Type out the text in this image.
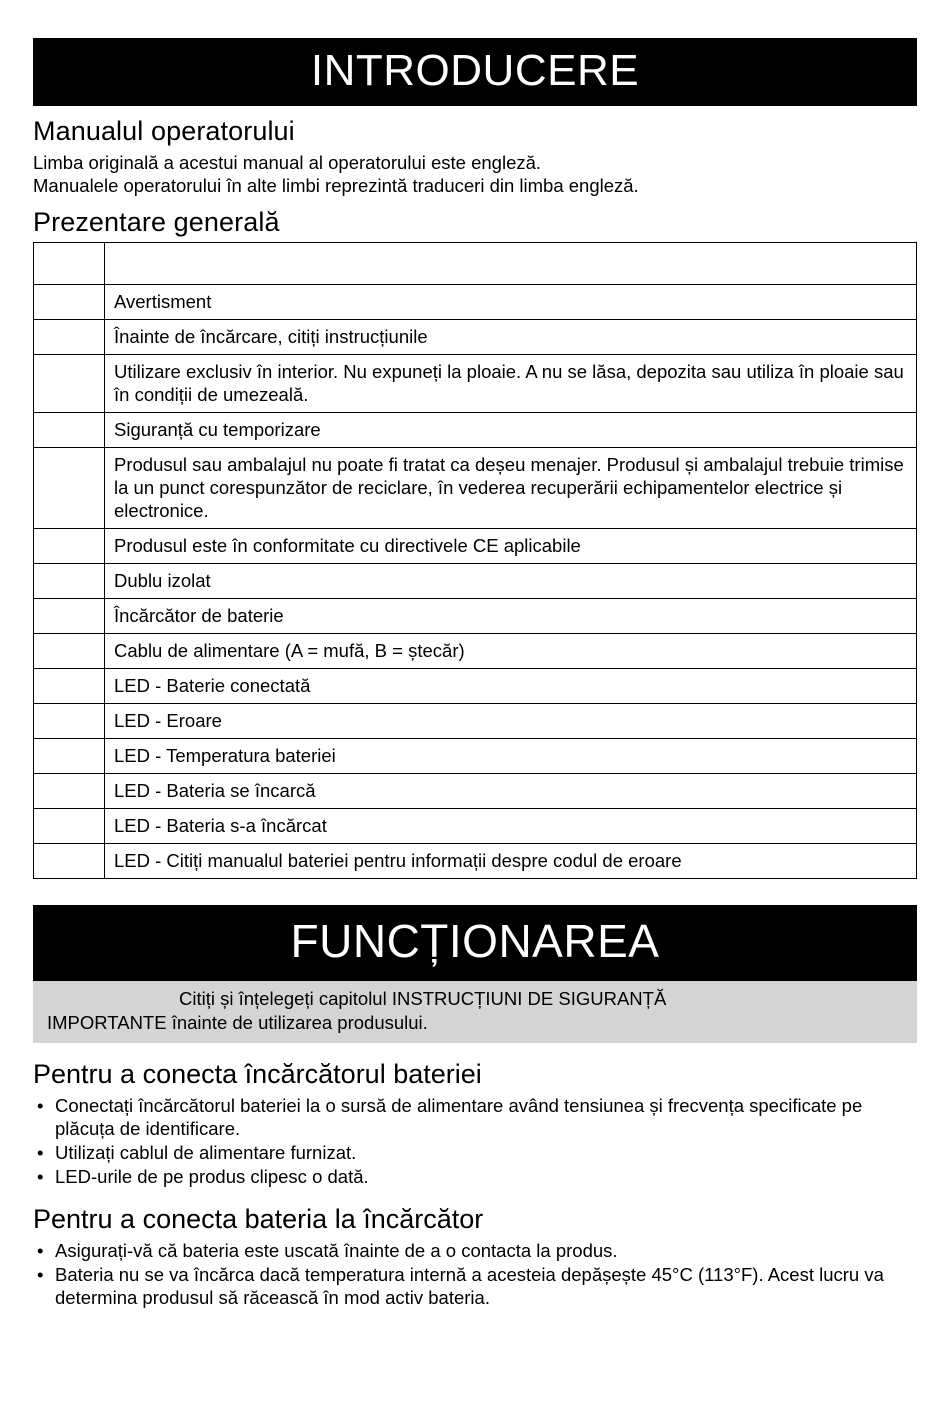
INTRODUCERE
Manualul operatorului

Limba originală a acestui manual al operatorului este engleză.

Manualele operatorului în alte limbi reprezintă traduceri din limba engleză.

Prezentare generală

	Avertisment

	Înainte de încărcare, citiți instrucțiunile

	Utilizare exclusiv în interior. Nu expuneți la ploaie. A nu se lăsa, depozita sau utiliza în ploaie sau în condiții de umezeală.

	Siguranță cu temporizare

	Produsul sau ambalajul nu poate fi tratat ca deșeu menajer. Produsul și ambalajul trebuie trimise la un punct corespunzător de reciclare, în vederea recuperării echipamentelor electrice și electronice.

	Produsul este în conformitate cu directivele CE aplicabile

	Dublu izolat

	Încărcător de baterie

	Cablu de alimentare (A = mufă, B = ștecăr)

	LED - Baterie conectată

	LED - Eroare

	LED - Temperatura bateriei

	LED - Bateria se încarcă

	LED - Bateria s-a încărcat

	LED - Citiți manualul bateriei pentru informații despre codul de eroare
FUNCȚIONAREA
Citiți și înțelegeți capitolul INSTRUCȚIUNI DE SIGURANȚĂ
IMPORTANTE înainte de utilizarea produsului.
Pentru a conecta încărcătorul bateriei
• Conectați încărcătorul bateriei la o sursă de alimentare având tensiunea și frecvența specificate pe plăcuța de identificare.
• Utilizați cablul de alimentare furnizat.
• LED-urile de pe produs clipesc o dată.
Pentru a conecta bateria la încărcător
• Asigurați-vă că bateria este uscată înainte de a o contacta la produs.
• Bateria nu se va încărca dacă temperatura internă a acesteia depășește 45°C (113°F). Acest lucru va determina produsul să răcească în mod activ bateria.
